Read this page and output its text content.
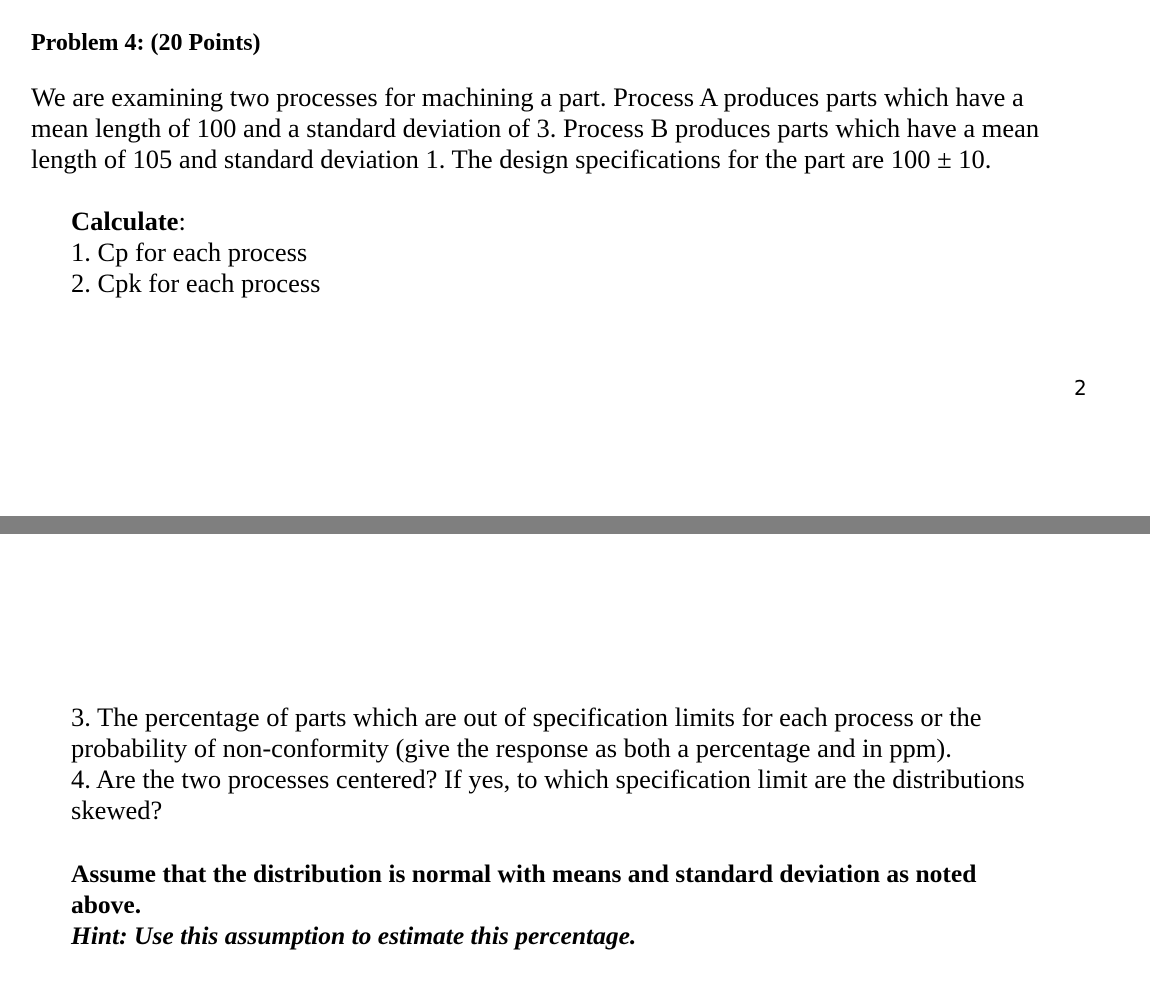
Problem 4: (20 Points)

We are examining two processes for machining a part. Process A produces parts which have a
mean length of 100 and a standard deviation of 3. Process B produces parts which have a mean
length of 105 and standard deviation 1. The design specifications for the part are 100 ± 10.

Calculate:
1. Cp for each process
2. Cpk for each process
2
3. The percentage of parts which are out of specification limits for each process or the
probability of non-conformity (give the response as both a percentage and in ppm).
4. Are the two processes centered? If yes, to which specification limit are the distributions
skewed?
Assume that the distribution is normal with means and standard deviation as noted
above.
Hint: Use this assumption to estimate this percentage.
